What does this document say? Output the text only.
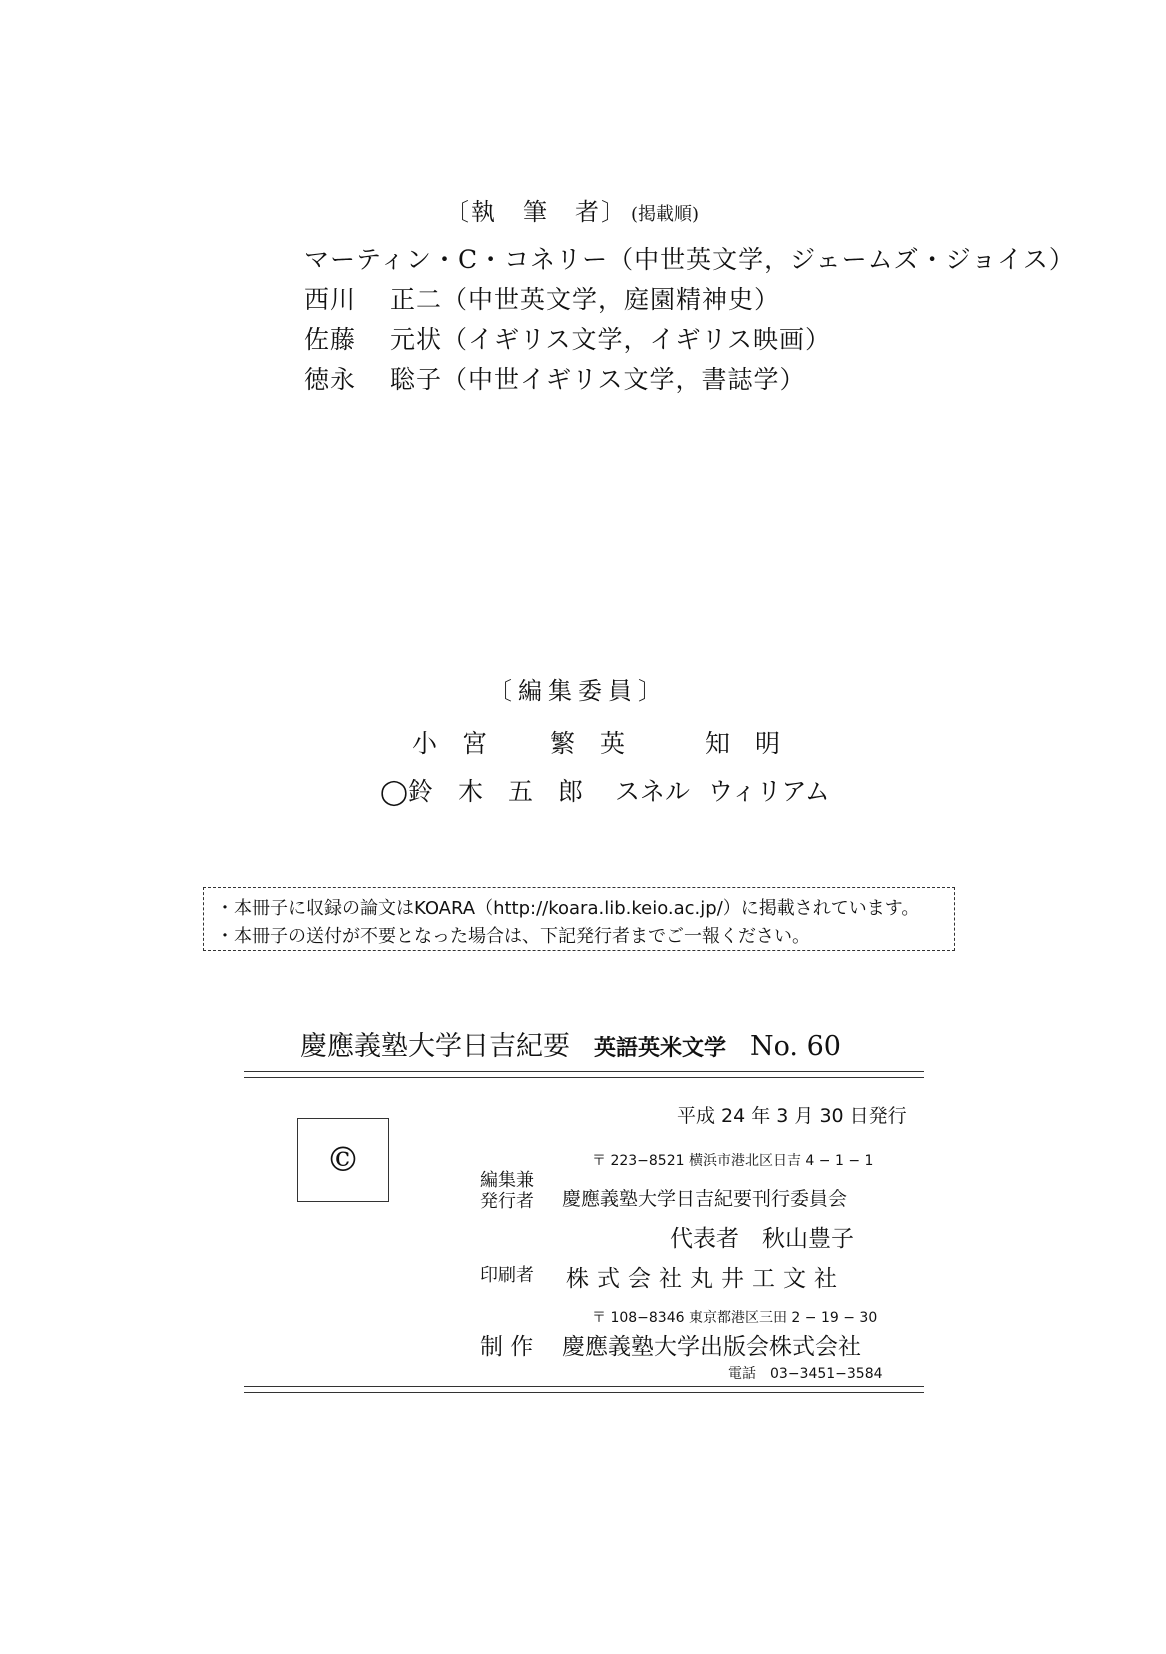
〔執　筆　者〕 (掲載順)
マーティン・C・コネリー（中世英文学，ジェームズ・ジョイス）
西川 正二（中世英文学，庭園精神史）
佐藤 元状（イギリス文学，イギリス映画）
徳永 聡子（中世イギリス文学，書誌学）
〔編集委員〕
小　宮	繁　英	知　明
◯鈴　木　五　郎 スネル ウィリアム
・本冊子に収録の論文はKOARA（http://koara.lib.keio.ac.jp/）に掲載されています。
・本冊子の送付が不要となった場合は、下記発行者までご一報ください。
慶應義塾大学日吉紀要 英語英米文学 No. 60
©
平成 24 年 3 月 30 日発行
〒 223−8521 横浜市港北区日吉 4 − 1 − 1
編集兼
発行者 慶應義塾大学日吉紀要刊行委員会
代表者　秋山豊子
印刷者 株式会社丸井工文社
〒 108−8346 東京都港区三田 2 − 19 − 30
制 作 慶應義塾大学出版会株式会社
電話　03−3451−3584
